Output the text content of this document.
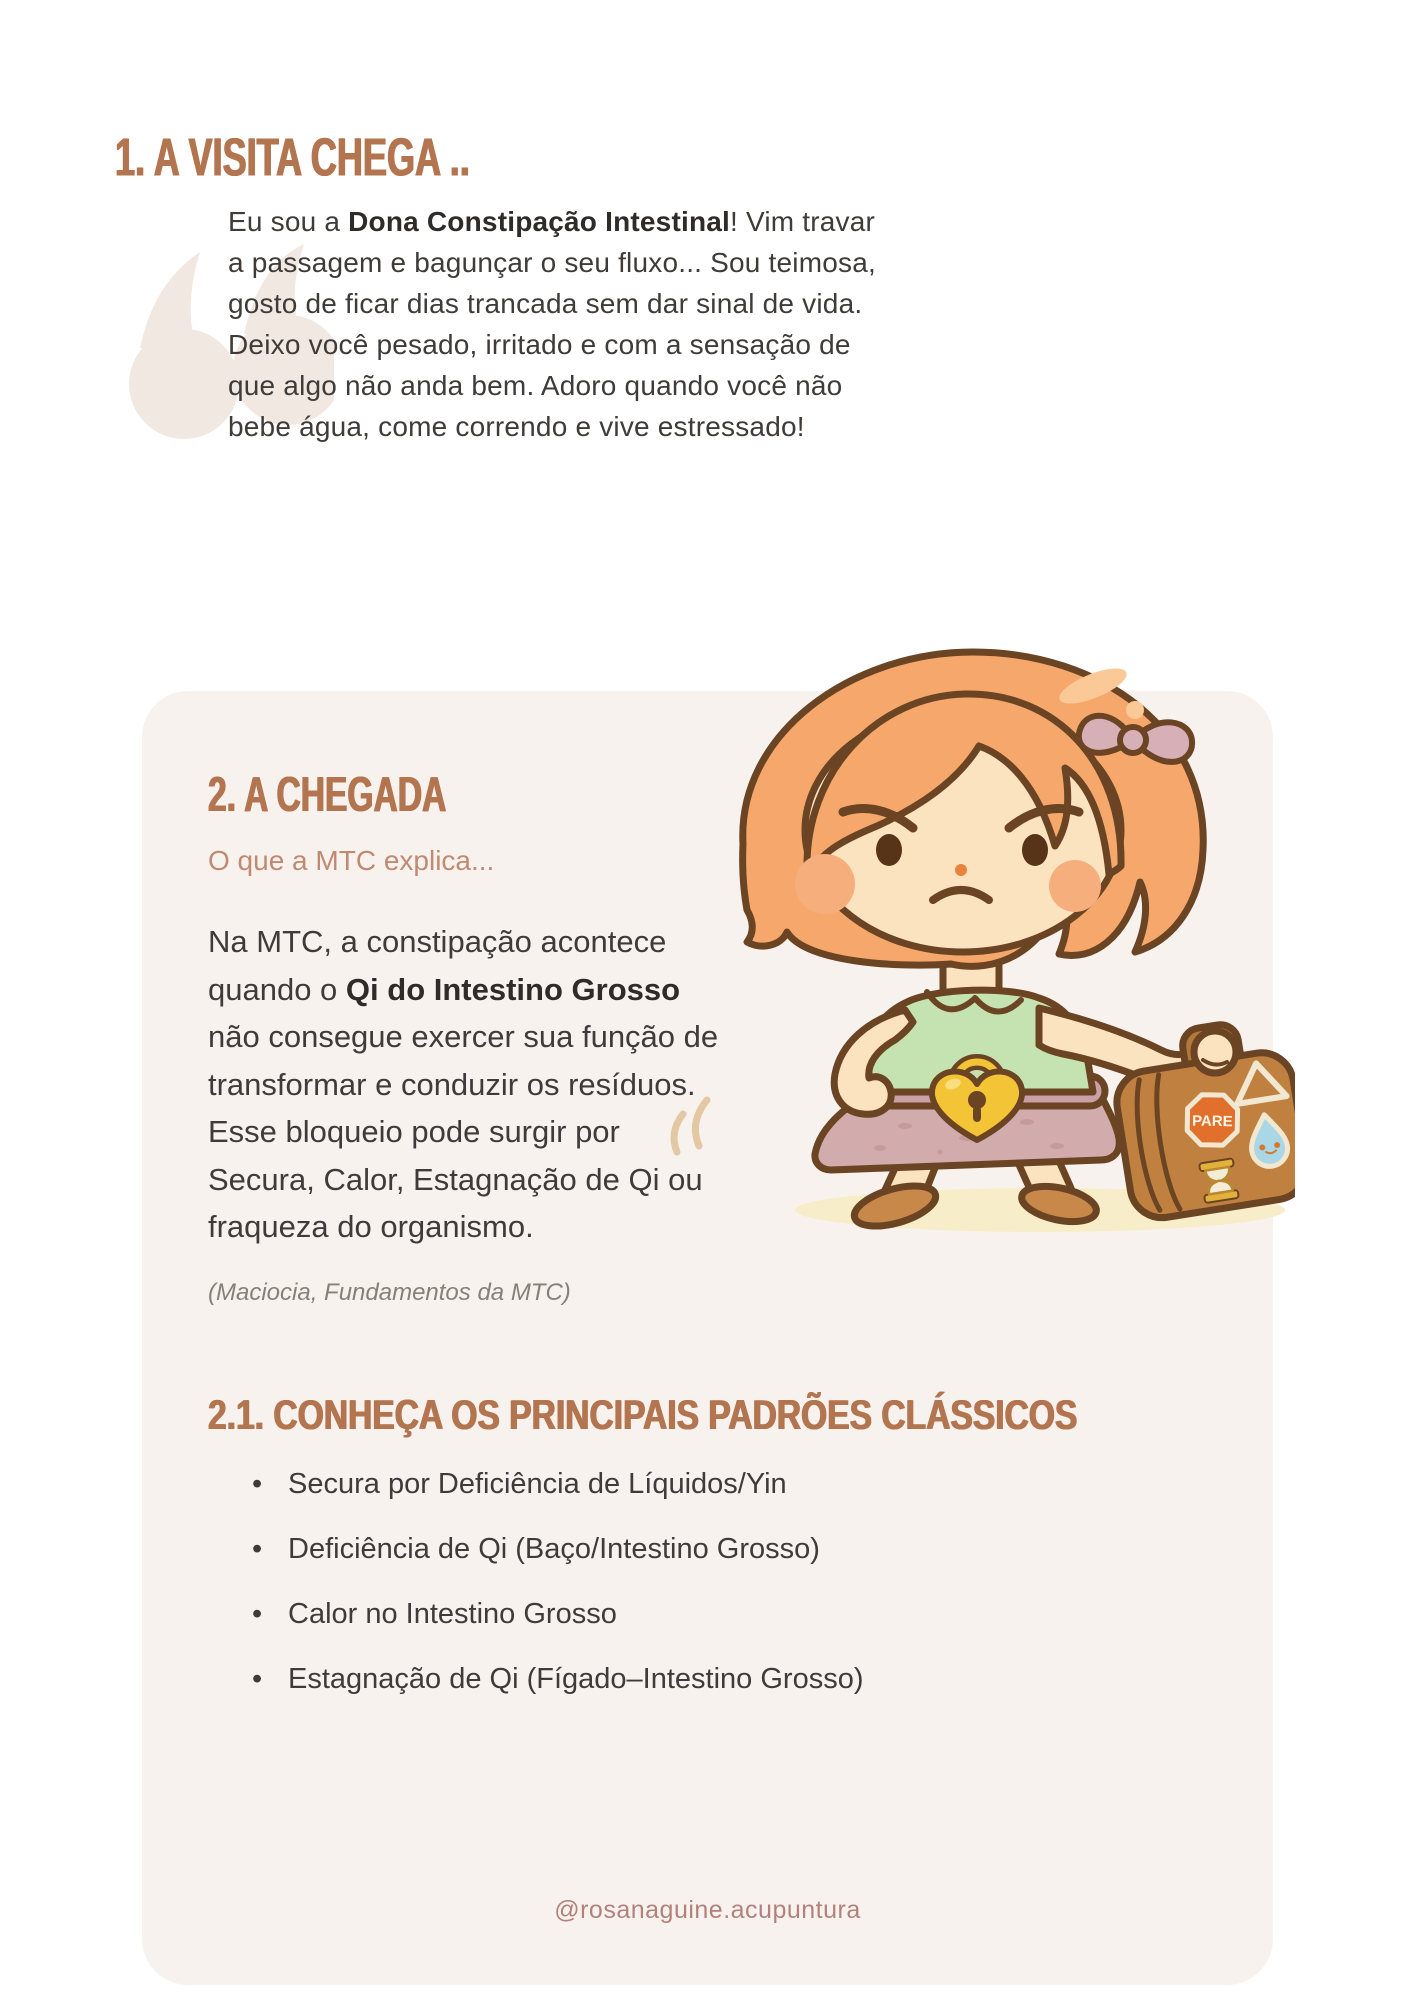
1. A VISITA CHEGA ..
Eu sou a Dona Constipação Intestinal! Vim travar
a passagem e bagunçar o seu fluxo... Sou teimosa,
gosto de ficar dias trancada sem dar sinal de vida.
Deixo você pesado, irritado e com a sensação de
que algo não anda bem. Adoro quando você não
bebe água, come correndo e vive estressado!
2. A CHEGADA
O que a MTC explica...
Na MTC, a constipação acontece
quando o Qi do Intestino Grosso
não consegue exercer sua função de
transformar e conduzir os resíduos.
Esse bloqueio pode surgir por
Secura, Calor, Estagnação de Qi ou
fraqueza do organismo.
(Maciocia, Fundamentos da MTC)
2.1. CONHEÇA OS PRINCIPAIS PADRÕES CLÁSSICOS
•
Secura por Deficiência de Líquidos/Yin
•
Deficiência de Qi (Baço/Intestino Grosso)
•
Calor no Intestino Grosso
•
Estagnação de Qi (Fígado–Intestino Grosso)
@rosanaguine.acupuntura
PARE
